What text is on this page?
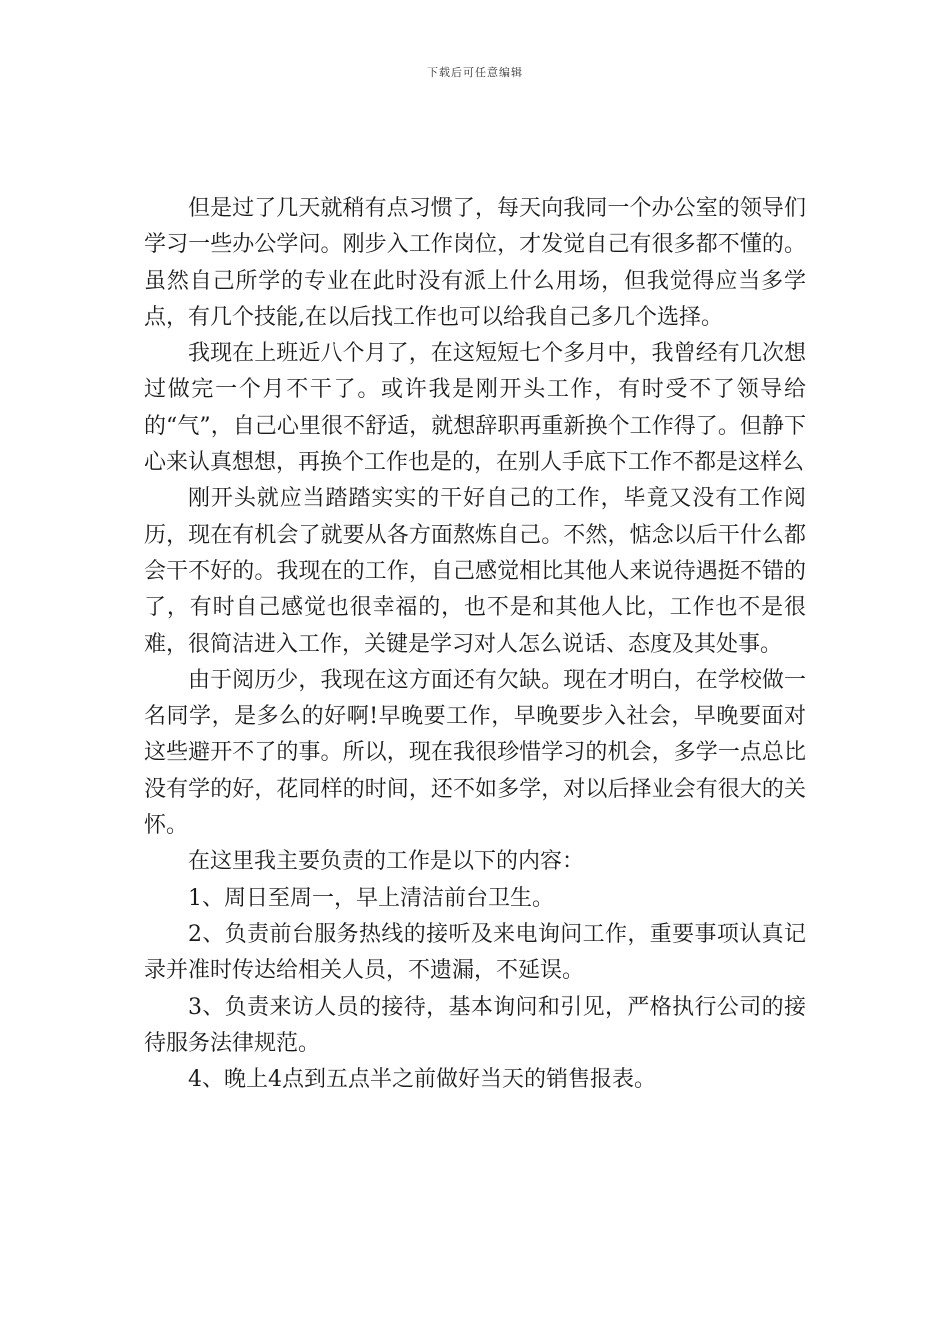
下载后可任意编辑

但是过了几天就稍有点习惯了，每天向我同一个办公室的领导们学习一些办公学问。刚步入工作岗位，才发觉自己有很多都不懂的。虽然自己所学的专业在此时没有派上什么用场，但我觉得应当多学点，有几个技能,在以后找工作也可以给我自己多几个选择。

我现在上班近八个月了，在这短短七个多月中，我曾经有几次想过做完一个月不干了。或许我是刚开头工作，有时受不了领导给的“气”，自己心里很不舒适，就想辞职再重新换个工作得了。但静下心来认真想想，再换个工作也是的，在别人手底下工作不都是这样么

刚开头就应当踏踏实实的干好自己的工作，毕竟又没有工作阅历，现在有机会了就要从各方面熬炼自己。不然，惦念以后干什么都会干不好的。我现在的工作，自己感觉相比其他人来说待遇挺不错的了，有时自己感觉也很幸福的，也不是和其他人比，工作也不是很难，很简洁进入工作，关键是学习对人怎么说话、态度及其处事。

由于阅历少，我现在这方面还有欠缺。现在才明白，在学校做一名同学，是多么的好啊!早晚要工作，早晚要步入社会，早晚要面对这些避开不了的事。所以，现在我很珍惜学习的机会，多学一点总比没有学的好，花同样的时间，还不如多学，对以后择业会有很大的关怀。

在这里我主要负责的工作是以下的内容：

1、周日至周一，早上清洁前台卫生。

2、负责前台服务热线的接听及来电询问工作，重要事项认真记录并准时传达给相关人员，不遗漏，不延误。

3、负责来访人员的接待，基本询问和引见，严格执行公司的接待服务法律规范。

4、晚上4点到五点半之前做好当天的销售报表。
